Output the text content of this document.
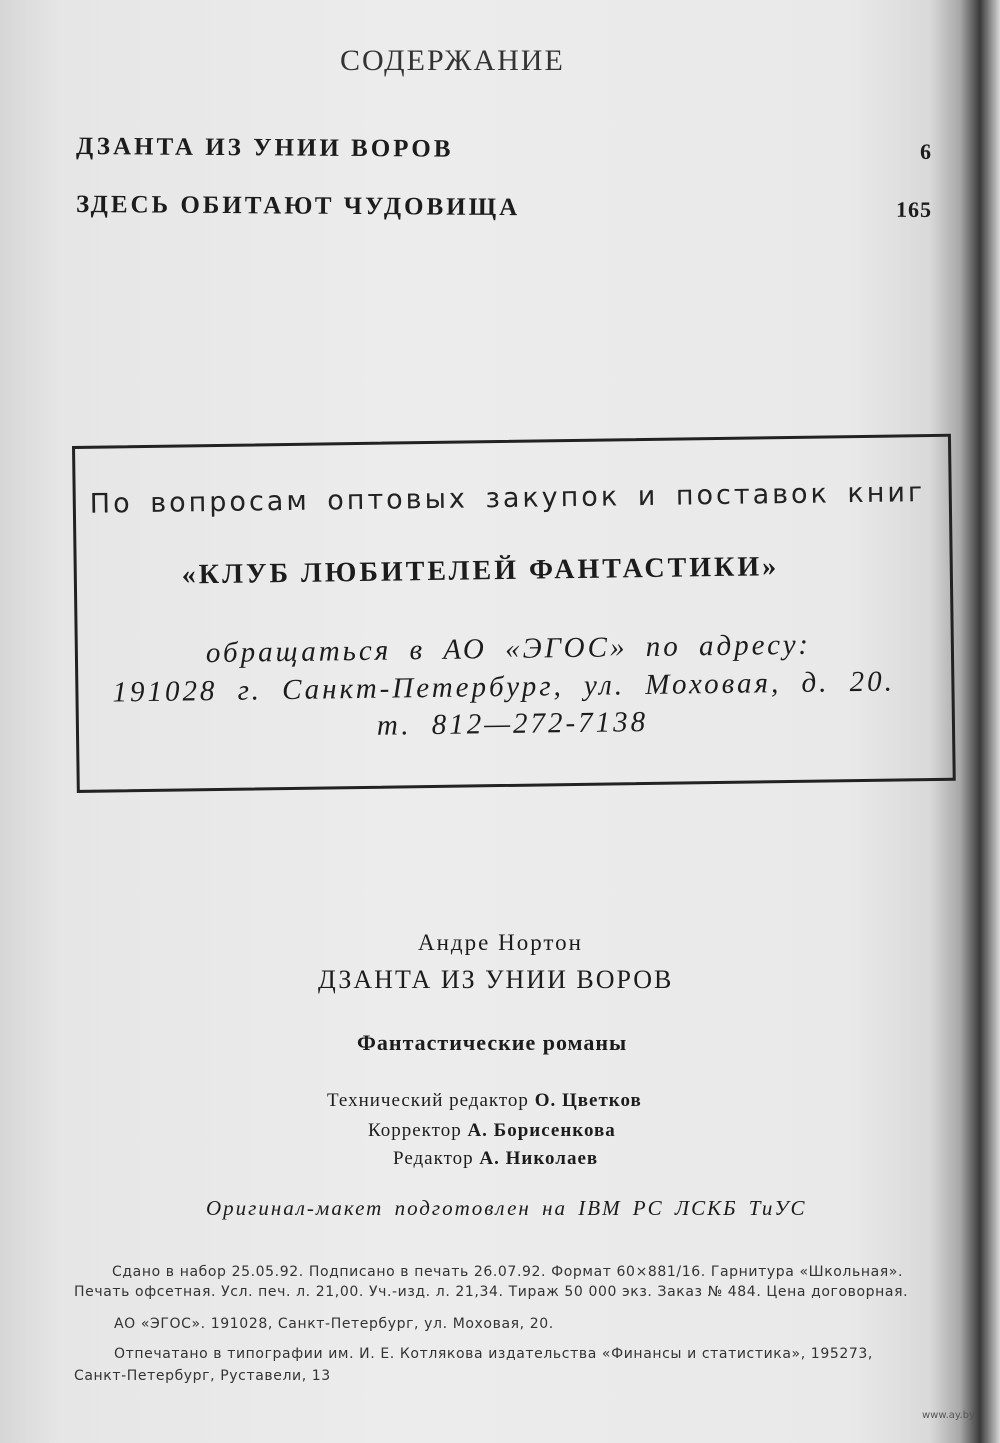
СОДЕРЖАНИЕ
ДЗАНТА ИЗ УНИИ ВОРОВ	6
ЗДЕСЬ ОБИТАЮТ ЧУДОВИЩА	165
По вопросам оптовых закупок и поставок книг
«КЛУБ ЛЮБИТЕЛЕЙ ФАНТАСТИКИ»
обращаться в АО «ЭГОС» по адресу:
191028 г. Санкт-Петербург, ул. Моховая, д. 20.
т. 812—272-7138
Андре Нортон
ДЗАНТА ИЗ УНИИ ВОРОВ
Фантастические романы
Технический редактор О. Цветков
Корректор А. Борисенкова
Редактор А. Николаев
Оригинал-макет подготовлен на IBM PC ЛСКБ ТиУС
Сдано в набор 25.05.92. Подписано в печать 26.07.92. Формат 60×881/16. Гарнитура «Школьная».
Печать офсетная. Усл. печ. л. 21,00. Уч.-изд. л. 21,34. Тираж 50 000 экз. Заказ № 484. Цена договорная.
АО «ЭГОС». 191028, Санкт-Петербург, ул. Моховая, 20.
Отпечатано в типографии им. И. Е. Котлякова издательства «Финансы и статистика», 195273,
Санкт-Петербург, Руставели, 13
www.ay.by
